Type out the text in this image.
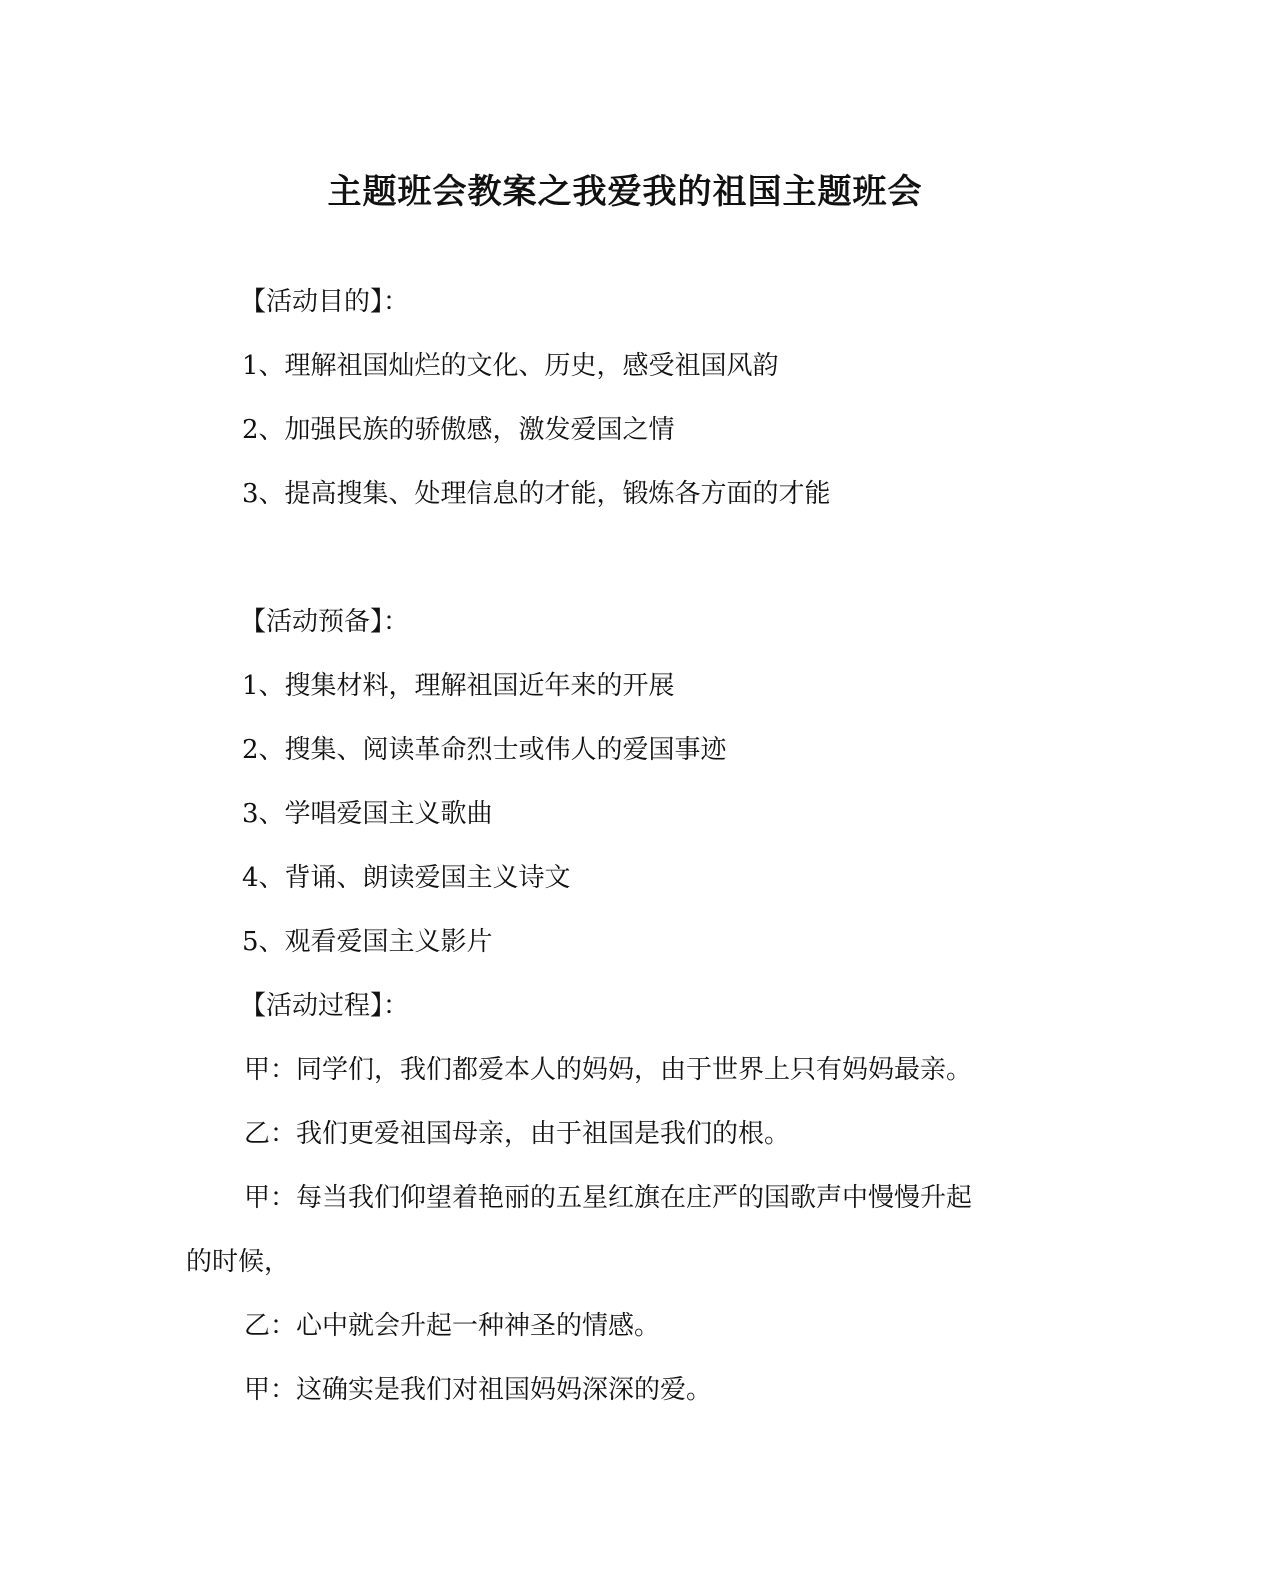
主题班会教案之我爱我的祖国主题班会
【活动目的】：
1、理解祖国灿烂的文化、历史，感受祖国风韵
2、加强民族的骄傲感，激发爱国之情
3、提高搜集、处理信息的才能，锻炼各方面的才能
【活动预备】：
1、搜集材料，理解祖国近年来的开展
2、搜集、阅读革命烈士或伟人的爱国事迹
3、学唱爱国主义歌曲
4、背诵、朗读爱国主义诗文
5、观看爱国主义影片
【活动过程】：
甲：同学们，我们都爱本人的妈妈，由于世界上只有妈妈最亲。
乙：我们更爱祖国母亲，由于祖国是我们的根。
甲：每当我们仰望着艳丽的五星红旗在庄严的国歌声中慢慢升起
的时候，
乙：心中就会升起一种神圣的情感。
甲：这确实是我们对祖国妈妈深深的爱。
